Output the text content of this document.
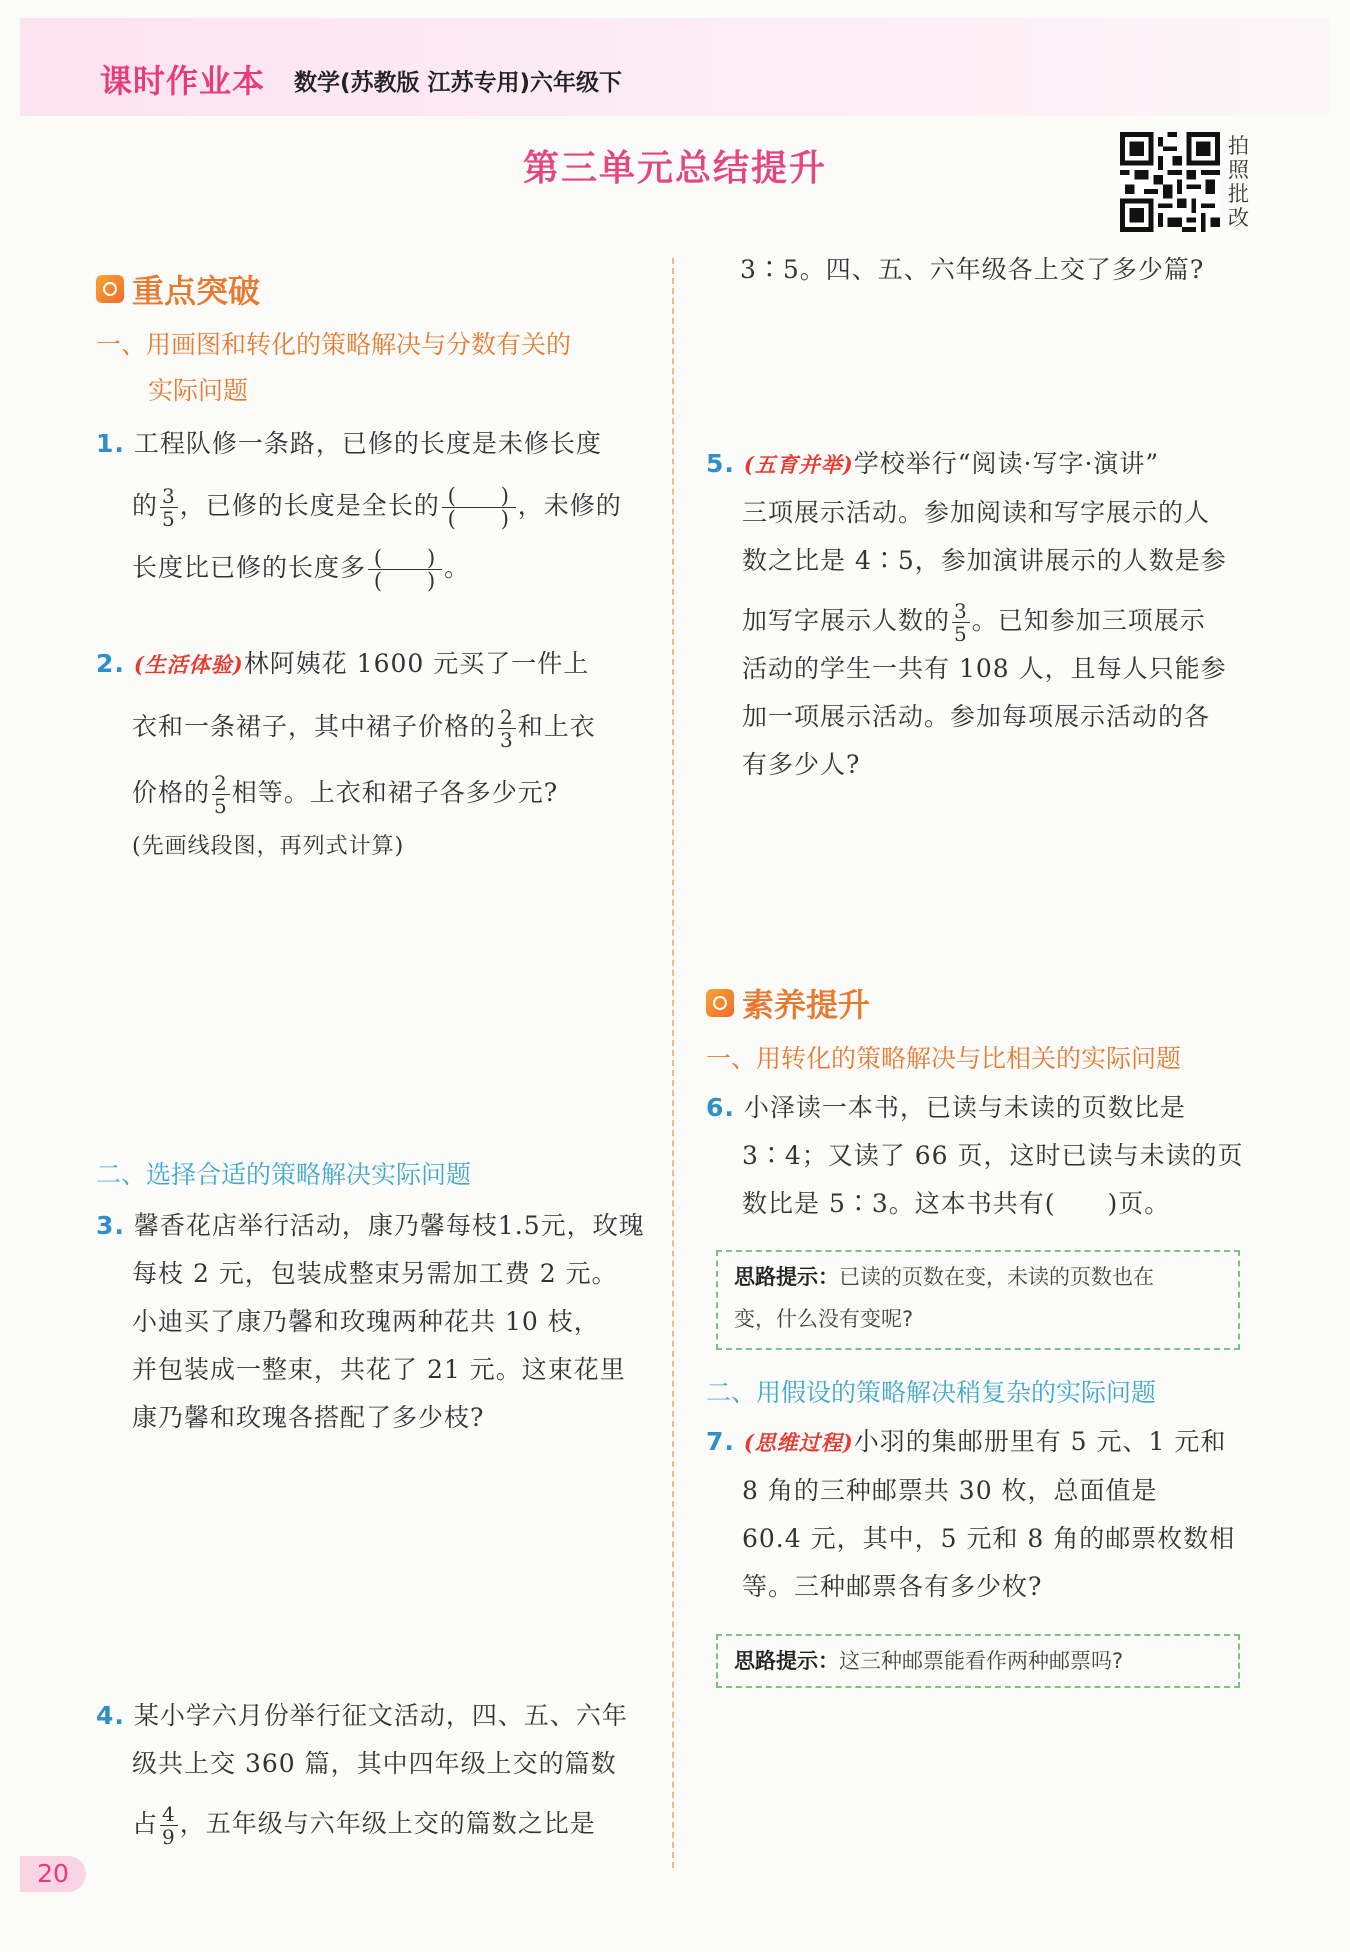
课时作业本 数学(苏教版 江苏专用)六年级下
第三单元总结提升
拍照批改
重点突破
一、用画图和转化的策略解决与分数有关的
实际问题
1. 工程队修一条路，已修的长度是未修长度
的 $\frac{3}{5}$ ，已修的长度是全长的 (　　)
(　　) ，未修的
长度比已修的长度多 (　　)
(　　) 。
2. (生活体验)林阿姨花 1600 元买了一件上
衣和一条裙子，其中裙子价格的 $\frac{2}{3}$ 和上衣
价格的 $\frac{2}{5}$ 相等。上衣和裙子各多少元?
(先画线段图，再列式计算)
二、选择合适的策略解决实际问题
3. 馨香花店举行活动，康乃馨每枝1.5元，玫瑰
每枝 2 元，包装成整束另需加工费 2 元。
小迪买了康乃馨和玫瑰两种花共 10 枝，
并包装成一整束，共花了 21 元。这束花里
康乃馨和玫瑰各搭配了多少枝?
4. 某小学六月份举行征文活动，四、五、六年
级共上交 360 篇，其中四年级上交的篇数
占 $\frac{4}{9}$ ，五年级与六年级上交的篇数之比是
3∶5。四、五、六年级各上交了多少篇?
5. (五育并举)学校举行“阅读·写字·演讲”
三项展示活动。参加阅读和写字展示的人
数之比是 4∶5，参加演讲展示的人数是参
加写字展示人数的 $\frac{3}{5}$ 。已知参加三项展示
活动的学生一共有 108 人，且每人只能参
加一项展示活动。参加每项展示活动的各
有多少人?
素养提升
一、用转化的策略解决与比相关的实际问题
6. 小泽读一本书，已读与未读的页数比是
3∶4；又读了 66 页，这时已读与未读的页
数比是 5∶3。这本书共有(　　)页。
思路提示：已读的页数在变，未读的页数也在
变，什么没有变呢?
二、用假设的策略解决稍复杂的实际问题
7. (思维过程)小羽的集邮册里有 5 元、1 元和
8 角的三种邮票共 30 枚，总面值是
60.4 元，其中，5 元和 8 角的邮票枚数相
等。三种邮票各有多少枚?
思路提示：这三种邮票能看作两种邮票吗?
20
